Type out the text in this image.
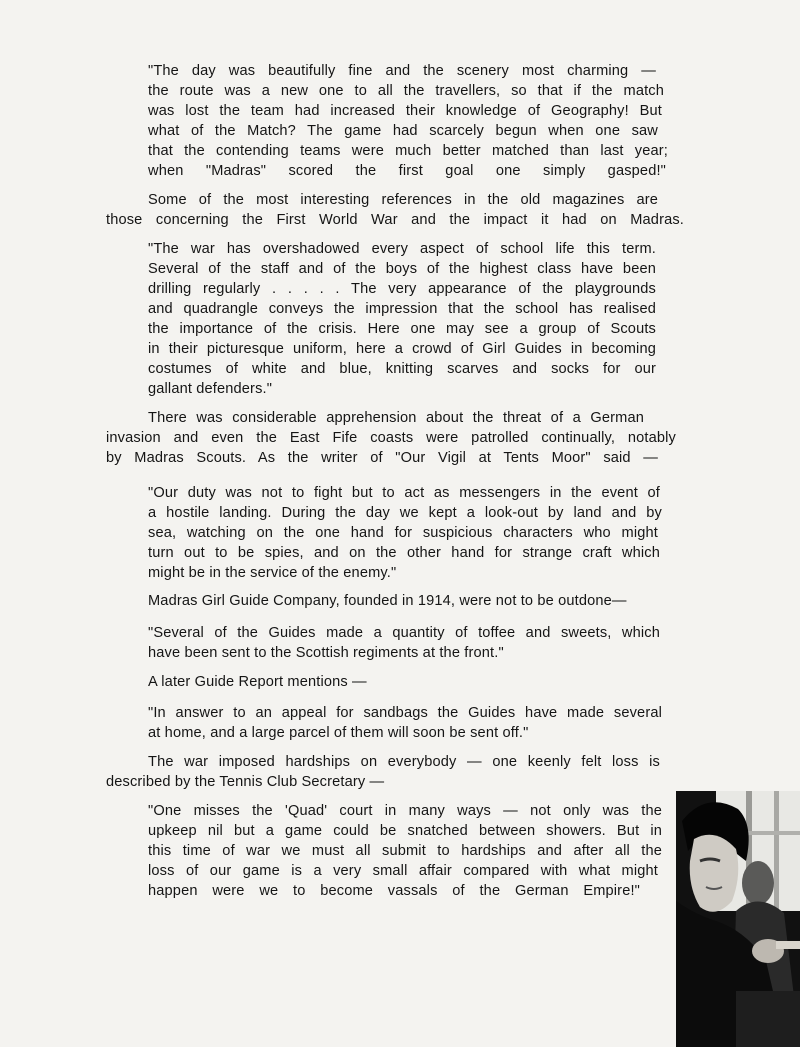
"The day was beautifully fine and the scenery most charming —
the route was a new one to all the travellers, so that if the match
was lost the team had increased their knowledge of Geography! But
what of the Match? The game had scarcely begun when one saw
that the contending teams were much better matched than last year;
when "Madras" scored the first goal one simply gasped!"
Some of the most interesting references in the old magazines are
those concerning the First World War and the impact it had on Madras.
"The war has overshadowed every aspect of school life this term.
Several of the staff and of the boys of the highest class have been
drilling regularly . . . . . The very appearance of the playgrounds
and quadrangle conveys the impression that the school has realised
the importance of the crisis. Here one may see a group of Scouts
in their picturesque uniform, here a crowd of Girl Guides in becoming
costumes of white and blue, knitting scarves and socks for our
gallant defenders."
There was considerable apprehension about the threat of a German
invasion and even the East Fife coasts were patrolled continually, notably
by Madras Scouts. As the writer of "Our Vigil at Tents Moor" said —
"Our duty was not to fight but to act as messengers in the event of
a hostile landing. During the day we kept a look-out by land and by
sea, watching on the one hand for suspicious characters who might
turn out to be spies, and on the other hand for strange craft which
might be in the service of the enemy."
Madras Girl Guide Company, founded in 1914, were not to be outdone—
"Several of the Guides made a quantity of toffee and sweets, which
have been sent to the Scottish regiments at the front."
A later Guide Report mentions —
"In answer to an appeal for sandbags the Guides have made several
at home, and a large parcel of them will soon be sent off."
The war imposed hardships on everybody — one keenly felt loss is
described by the Tennis Club Secretary —
"One misses the 'Quad' court in many ways — not only was the
upkeep nil but a game could be snatched between showers. But in
this time of war we must all submit to hardships and after all the
loss of our game is a very small affair compared with what might
happen were we to become vassals of the German Empire!"
